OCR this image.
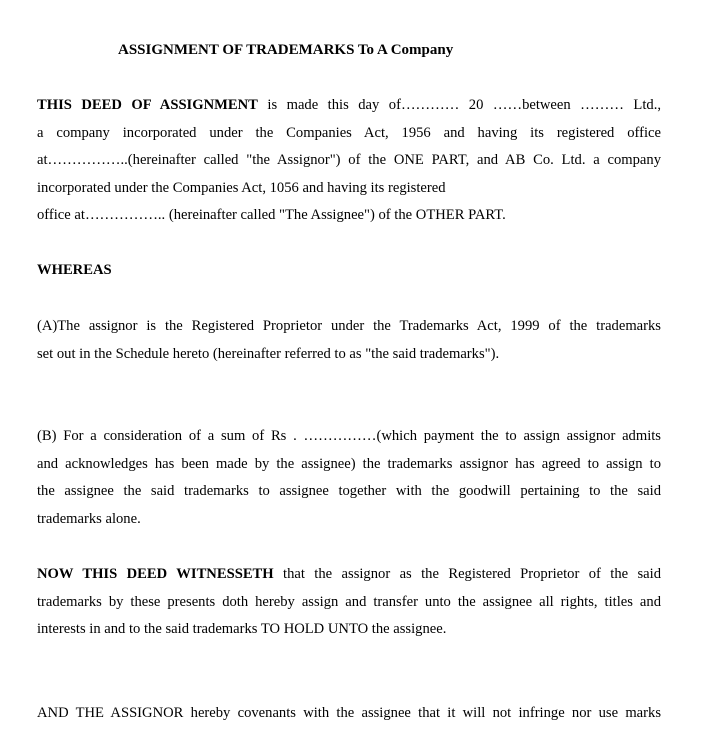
ASSIGNMENT OF TRADEMARKS To A Company
THIS DEED OF ASSIGNMENT is made this day of………… 20 ……between ……… Ltd.,
a company incorporated under the Companies Act, 1956 and having its registered office
at……………..(hereinafter called "the Assignor") of the ONE PART, and AB Co. Ltd. a company
incorporated under the Companies Act, 1056 and having its registered
office at…………….. (hereinafter called "The Assignee") of the OTHER PART.
WHEREAS
(A)The assignor is the Registered Proprietor under the Trademarks Act, 1999 of the trademarks
set out in the Schedule hereto (hereinafter referred to as "the said trademarks").
(B) For a consideration of a sum of Rs . ……………(which payment the to assign assignor admits
and acknowledges has been made by the assignee) the trademarks assignor has agreed to assign to
the assignee the said trademarks to assignee together with the goodwill pertaining to the said
trademarks alone.
NOW THIS DEED WITNESSETH that the assignor as the Registered Proprietor of the said
trademarks by these presents doth hereby assign and transfer unto the assignee all rights, titles and
interests in and to the said trademarks TO HOLD UNTO the assignee.
AND THE ASSIGNOR hereby covenants with the assignee that it will not infringe nor use marks
